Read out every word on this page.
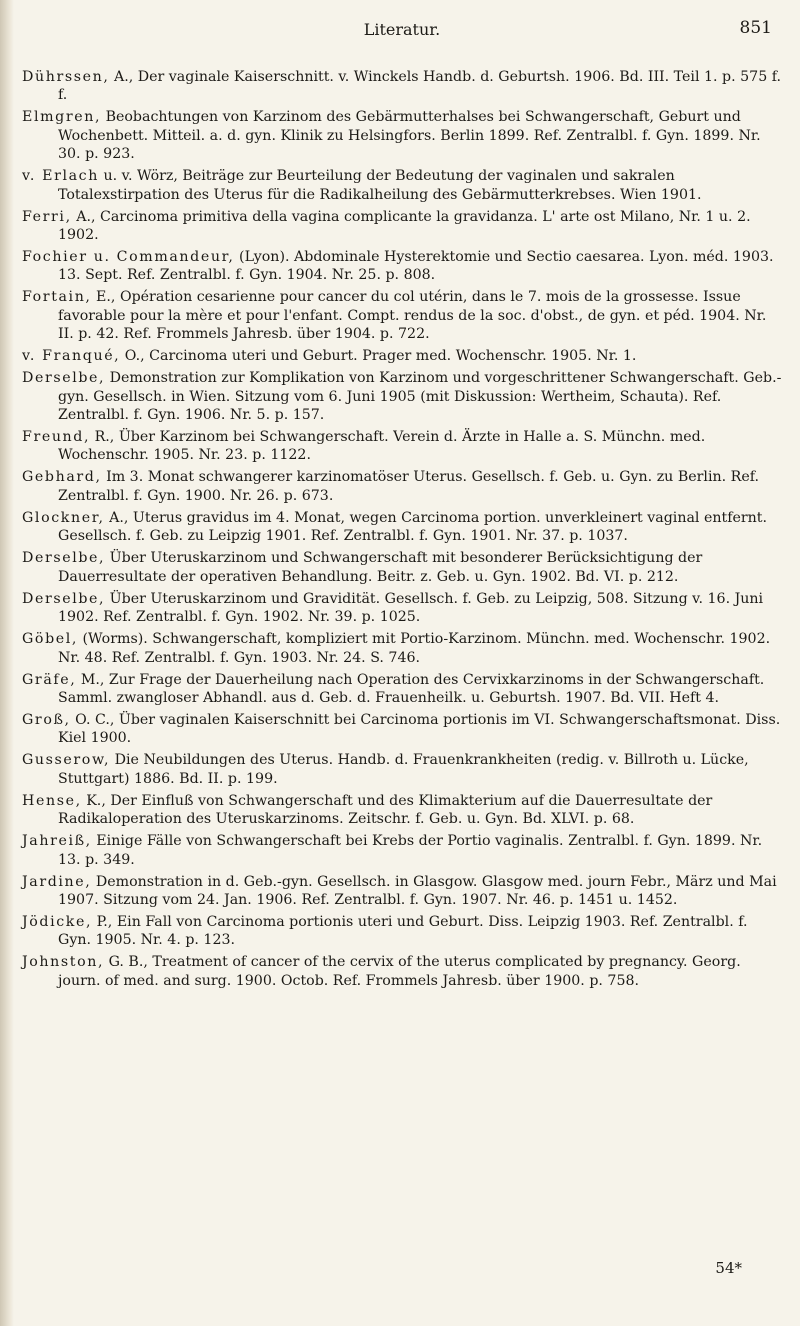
Literatur.	851
Dührssen, A., Der vaginale Kaiserschnitt. v. Winckels Handb. d. Geburtsh. 1906. Bd. III. Teil 1. p. 575 f. f.
Elmgren, Beobachtungen von Karzinom des Gebärmutterhalses bei Schwangerschaft, Geburt und Wochenbett. Mitteil. a. d. gyn. Klinik zu Helsingfors. Berlin 1899. Ref. Zentralbl. f. Gyn. 1899. Nr. 30. p. 923.
v. Erlach u. v. Wörz, Beiträge zur Beurteilung der Bedeutung der vaginalen und sakralen Totalexstirpation des Uterus für die Radikalheilung des Gebärmutterkrebses. Wien 1901.
Ferri, A., Carcinoma primitiva della vagina complicante la gravidanza. L' arte ost Milano, Nr. 1 u. 2. 1902.
Fochier u. Commandeur, (Lyon). Abdominale Hysterektomie und Sectio caesarea. Lyon. méd. 1903. 13. Sept. Ref. Zentralbl. f. Gyn. 1904. Nr. 25. p. 808.
Fortain, E., Opération cesarienne pour cancer du col utérin, dans le 7. mois de la grossesse. Issue favorable pour la mère et pour l'enfant. Compt. rendus de la soc. d'obst., de gyn. et péd. 1904. Nr. II. p. 42. Ref. Frommels Jahresb. über 1904. p. 722.
v. Franqué, O., Carcinoma uteri und Geburt. Prager med. Wochenschr. 1905. Nr. 1.
Derselbe, Demonstration zur Komplikation von Karzinom und vorgeschrittener Schwangerschaft. Geb.-gyn. Gesellsch. in Wien. Sitzung vom 6. Juni 1905 (mit Diskussion: Wertheim, Schauta). Ref. Zentralbl. f. Gyn. 1906. Nr. 5. p. 157.
Freund, R., Über Karzinom bei Schwangerschaft. Verein d. Ärzte in Halle a. S. Münchn. med. Wochenschr. 1905. Nr. 23. p. 1122.
Gebhard, Im 3. Monat schwangerer karzinomatöser Uterus. Gesellsch. f. Geb. u. Gyn. zu Berlin. Ref. Zentralbl. f. Gyn. 1900. Nr. 26. p. 673.
Glockner, A., Uterus gravidus im 4. Monat, wegen Carcinoma portion. unverkleinert vaginal entfernt. Gesellsch. f. Geb. zu Leipzig 1901. Ref. Zentralbl. f. Gyn. 1901. Nr. 37. p. 1037.
Derselbe, Über Uteruskarzinom und Schwangerschaft mit besonderer Berücksichtigung der Dauerresultate der operativen Behandlung. Beitr. z. Geb. u. Gyn. 1902. Bd. VI. p. 212.
Derselbe, Über Uteruskarzinom und Gravidität. Gesellsch. f. Geb. zu Leipzig, 508. Sitzung v. 16. Juni 1902. Ref. Zentralbl. f. Gyn. 1902. Nr. 39. p. 1025.
Göbel, (Worms). Schwangerschaft, kompliziert mit Portio-Karzinom. Münchn. med. Wochenschr. 1902. Nr. 48. Ref. Zentralbl. f. Gyn. 1903. Nr. 24. S. 746.
Gräfe, M., Zur Frage der Dauerheilung nach Operation des Cervixkarzinoms in der Schwangerschaft. Samml. zwangloser Abhandl. aus d. Geb. d. Frauenheilk. u. Geburtsh. 1907. Bd. VII. Heft 4.
Groß, O. C., Über vaginalen Kaiserschnitt bei Carcinoma portionis im VI. Schwangerschaftsmonat. Diss. Kiel 1900.
Gusserow, Die Neubildungen des Uterus. Handb. d. Frauenkrankheiten (redig. v. Billroth u. Lücke, Stuttgart) 1886. Bd. II. p. 199.
Hense, K., Der Einfluß von Schwangerschaft und des Klimakterium auf die Dauerresultate der Radikaloperation des Uteruskarzinoms. Zeitschr. f. Geb. u. Gyn. Bd. XLVI. p. 68.
Jahreiß, Einige Fälle von Schwangerschaft bei Krebs der Portio vaginalis. Zentralbl. f. Gyn. 1899. Nr. 13. p. 349.
Jardine, Demonstration in d. Geb.-gyn. Gesellsch. in Glasgow. Glasgow med. journ Febr., März und Mai 1907. Sitzung vom 24. Jan. 1906. Ref. Zentralbl. f. Gyn. 1907. Nr. 46. p. 1451 u. 1452.
Jödicke, P., Ein Fall von Carcinoma portionis uteri und Geburt. Diss. Leipzig 1903. Ref. Zentralbl. f. Gyn. 1905. Nr. 4. p. 123.
Johnston, G. B., Treatment of cancer of the cervix of the uterus complicated by pregnancy. Georg. journ. of med. and surg. 1900. Octob. Ref. Frommels Jahresb. über 1900. p. 758.
54*
